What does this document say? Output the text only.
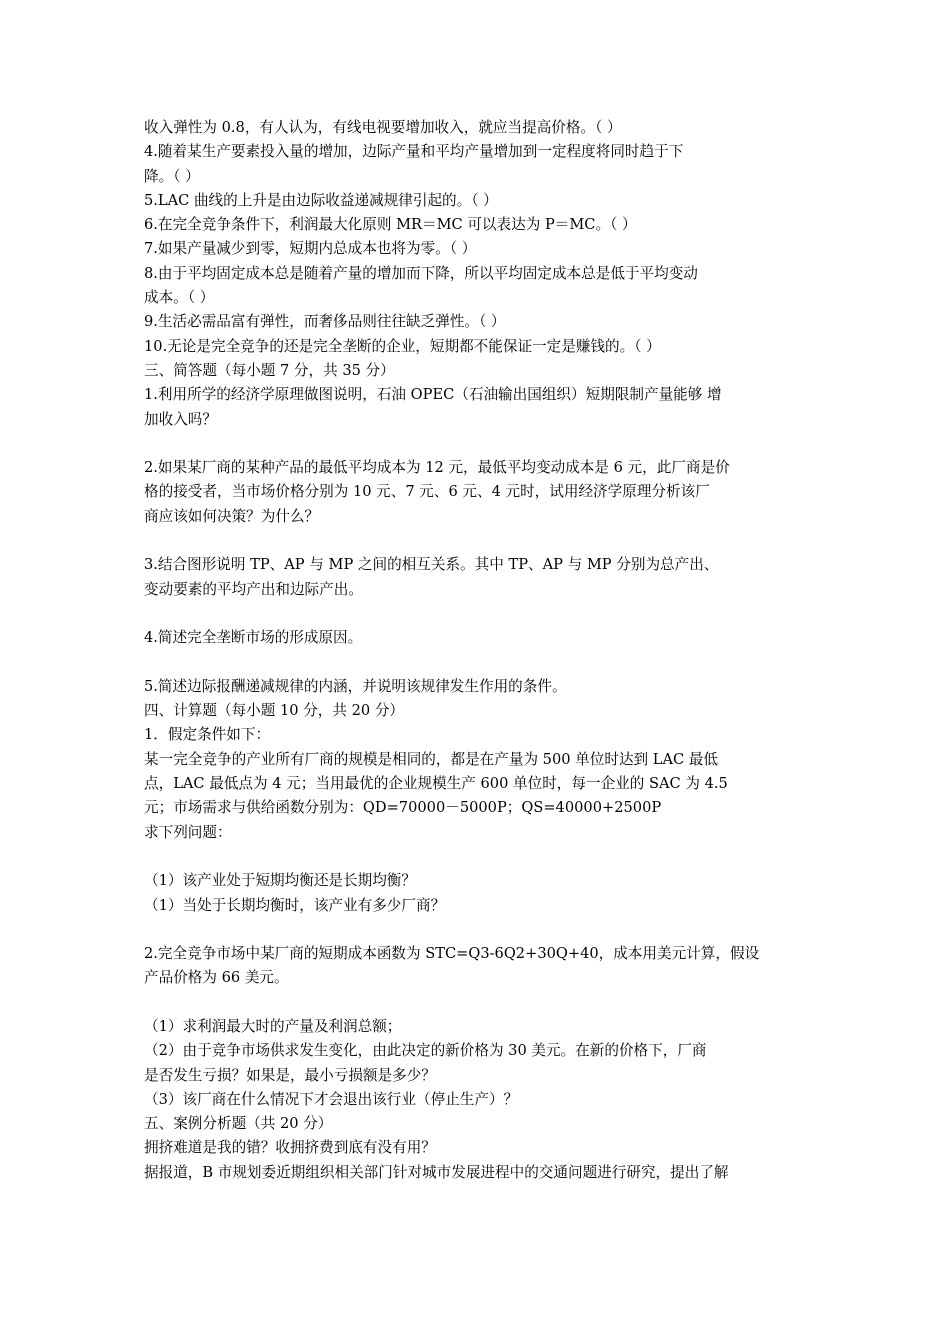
收入弹性为 0.8，有人认为，有线电视要增加收入，就应当提高价格。（ ）
4.随着某生产要素投入量的增加，边际产量和平均产量增加到一定程度将同时趋于下
降。（ ）
5.LAC 曲线的上升是由边际收益递减规律引起的。（ ）
6.在完全竞争条件下，利润最大化原则 MR＝MC 可以表达为 P＝MC。（ ）
7.如果产量减少到零，短期内总成本也将为零。（ ）
8.由于平均固定成本总是随着产量的增加而下降，所以平均固定成本总是低于平均变动
成本。（ ）
9.生活必需品富有弹性，而奢侈品则往往缺乏弹性。（ ）
10.无论是完全竞争的还是完全垄断的企业，短期都不能保证一定是赚钱的。（ ）
三、简答题（每小题 7 分，共 35 分）
1.利用所学的经济学原理做图说明，石油 OPEC（石油输出国组织）短期限制产量能够 增
加收入吗？
2.如果某厂商的某种产品的最低平均成本为 12 元，最低平均变动成本是 6 元，此厂商是价
格的接受者，当市场价格分别为 10 元、7 元、6 元、4 元时，试用经济学原理分析该厂
商应该如何决策？为什么？
3.结合图形说明 TP、AP 与 MP 之间的相互关系。其中 TP、AP 与 MP 分别为总产出、
变动要素的平均产出和边际产出。
4.简述完全垄断市场的形成原因。
5.简述边际报酬递减规律的内涵，并说明该规律发生作用的条件。
四、计算题（每小题 10 分，共 20 分）
1．假定条件如下：
某一完全竞争的产业所有厂商的规模是相同的，都是在产量为 500 单位时达到 LAC 最低
点，LAC 最低点为 4 元；当用最优的企业规模生产 600 单位时，每一企业的 SAC 为 4.5
元；市场需求与供给函数分别为：QD=70000－5000P；QS=40000+2500P
求下列问题：
（1）该产业处于短期均衡还是长期均衡？
（1）当处于长期均衡时，该产业有多少厂商？
2.完全竞争市场中某厂商的短期成本函数为 STC=Q3-6Q2+30Q+40，成本用美元计算，假设
产品价格为 66 美元。
（1）求利润最大时的产量及利润总额；
（2）由于竞争市场供求发生变化，由此决定的新价格为 30 美元。在新的价格下，厂商
是否发生亏损？如果是，最小亏损额是多少？
（3）该厂商在什么情况下才会退出该行业（停止生产）？
五、案例分析题（共 20 分）
拥挤难道是我的错？收拥挤费到底有没有用？
据报道，B 市规划委近期组织相关部门针对城市发展进程中的交通问题进行研究，提出了解
